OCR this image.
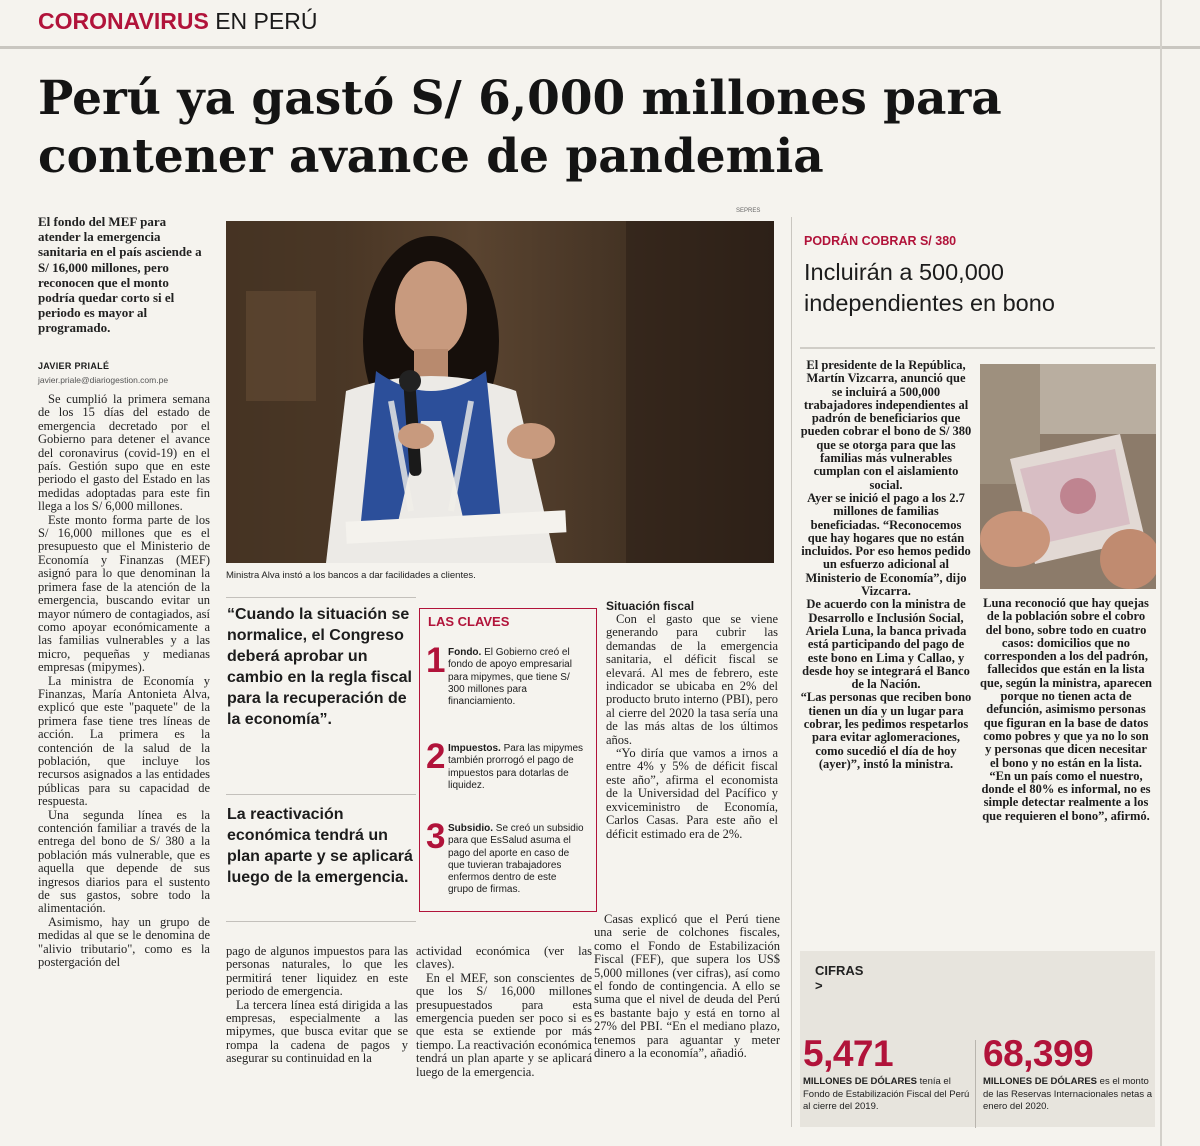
CORONAVIRUS EN PERÚ
Perú ya gastó S/ 6,000 millones para contener avance de pandemia
El fondo del MEF para atender la emergencia sanitaria en el país asciende a S/ 16,000 millones, pero reconocen que el monto podría quedar corto si el periodo es mayor al programado.
JAVIER PRIALÉ
javier.priale@diariogestion.com.pe

Se cumplió la primera semana de los 15 días del estado de emergencia decretado por el Gobierno para detener el avance del coronavirus (covid-19) en el país. Gestión supo que en este periodo el gasto del Estado en las medidas adoptadas para este fin llega a los S/ 6,000 millones.

Este monto forma parte de los S/ 16,000 millones que es el presupuesto que el Ministerio de Economía y Finanzas (MEF) asignó para lo que denominan la primera fase de la atención de la emergencia, buscando evitar un mayor número de contagiados, así como apoyar económicamente a las familias vulnerables y a las micro, pequeñas y medianas empresas (mipymes).

La ministra de Economía y Finanzas, María Antonieta Alva, explicó que este "paquete" de la primera fase tiene tres líneas de acción. La primera es la contención de la salud de la población, que incluye los recursos asignados a las entidades públicas para su capacidad de respuesta.

Una segunda línea es la contención familiar a través de la entrega del bono de S/ 380 a la población más vulnerable, que es aquella que depende de sus ingresos diarios para el sustento de sus gastos, sobre todo la alimentación.

Asimismo, hay un grupo de medidas al que se le denomina de "alivio tributario", como es la postergación del

SEPRES
Ministra Alva instó a los bancos a dar facilidades a clientes.
“Cuando la situación se normalice, el Congreso deberá aprobar un cambio en la regla fiscal para la recuperación de la economía”.
La reactivación económica tendrá un plan aparte y se aplicará luego de la emergencia.
LAS CLAVES
1 Fondo. El Gobierno creó el fondo de apoyo empresarial para mipymes, que tiene S/ 300 millones para financiamiento.
2 Impuestos. Para las mipymes también prorrogó el pago de impuestos para dotarlas de liquidez.
3 Subsidio. Se creó un subsidio para que EsSalud asuma el pago del aporte en caso de que tuvieran trabajadores enfermos dentro de este grupo de firmas.
Situación fiscal

Con el gasto que se viene generando para cubrir las demandas de la emergencia sanitaria, el déficit fiscal se elevará. Al mes de febrero, este indicador se ubicaba en 2% del producto bruto interno (PBI), pero al cierre del 2020 la tasa sería una de las más altas de los últimos años.

“Yo diría que vamos a irnos a entre 4% y 5% de déficit fiscal este año”, afirma el economista de la Universidad del Pacífico y exviceministro de Economía, Carlos Casas. Para este año el déficit estimado era de 2%.

pago de algunos impuestos para las personas naturales, lo que les permitirá tener liquidez en este periodo de emergencia.

La tercera línea está dirigida a las empresas, especialmente a las mipymes, que busca evitar que se rompa la cadena de pagos y asegurar su continuidad en la

actividad económica (ver las claves).

En el MEF, son conscientes de que los S/ 16,000 millones presupuestados para esta emergencia pueden ser poco si es que esta se extiende por más tiempo. La reactivación económica tendrá un plan aparte y se aplicará luego de la emergencia.

Casas explicó que el Perú tiene una serie de colchones fiscales, como el Fondo de Estabilización Fiscal (FEF), que supera los US$ 5,000 millones (ver cifras), así como el fondo de contingencia. A ello se suma que el nivel de deuda del Perú es bastante bajo y está en torno al 27% del PBI. “En el mediano plazo, tenemos para aguantar y meter dinero a la economía”, añadió.

PODRÁN COBRAR S/ 380
Incluirán a 500,000 independientes en bono

El presidente de la República, Martín Vizcarra, anunció que se incluirá a 500,000 trabajadores independientes al padrón de beneficiarios que pueden cobrar el bono de S/ 380 que se otorga para que las familias más vulnerables cumplan con el aislamiento social.

Ayer se inició el pago a los 2.7 millones de familias beneficiadas. “Reconocemos que hay hogares que no están incluidos. Por eso hemos pedido un esfuerzo adicional al Ministerio de Economía”, dijo Vizcarra.

De acuerdo con la ministra de Desarrollo e Inclusión Social, Ariela Luna, la banca privada está participando del pago de este bono en Lima y Callao, y desde hoy se integrará el Banco de la Nación.

“Las personas que reciben bono tienen un día y un lugar para cobrar, les pedimos respetarlos para evitar aglomeraciones, como sucedió el día de hoy (ayer)”, instó la ministra.

Luna reconoció que hay quejas de la población sobre el cobro del bono, sobre todo en cuatro casos: domicilios que no corresponden a los del padrón, fallecidos que están en la lista que, según la ministra, aparecen porque no tienen acta de defunción, asimismo personas que figuran en la base de datos como pobres y que ya no lo son y personas que dicen necesitar el bono y no están en la lista.

“En un país como el nuestro, donde el 80% es informal, no es simple detectar realmente a los que requieren el bono”, afirmó.

CIFRAS
>
5,471
MILLONES DE DÓLARES tenía el Fondo de Estabilización Fiscal del Perú al cierre del 2019.
68,399
MILLONES DE DÓLARES es el monto de las Reservas Internacionales netas a enero del 2020.
